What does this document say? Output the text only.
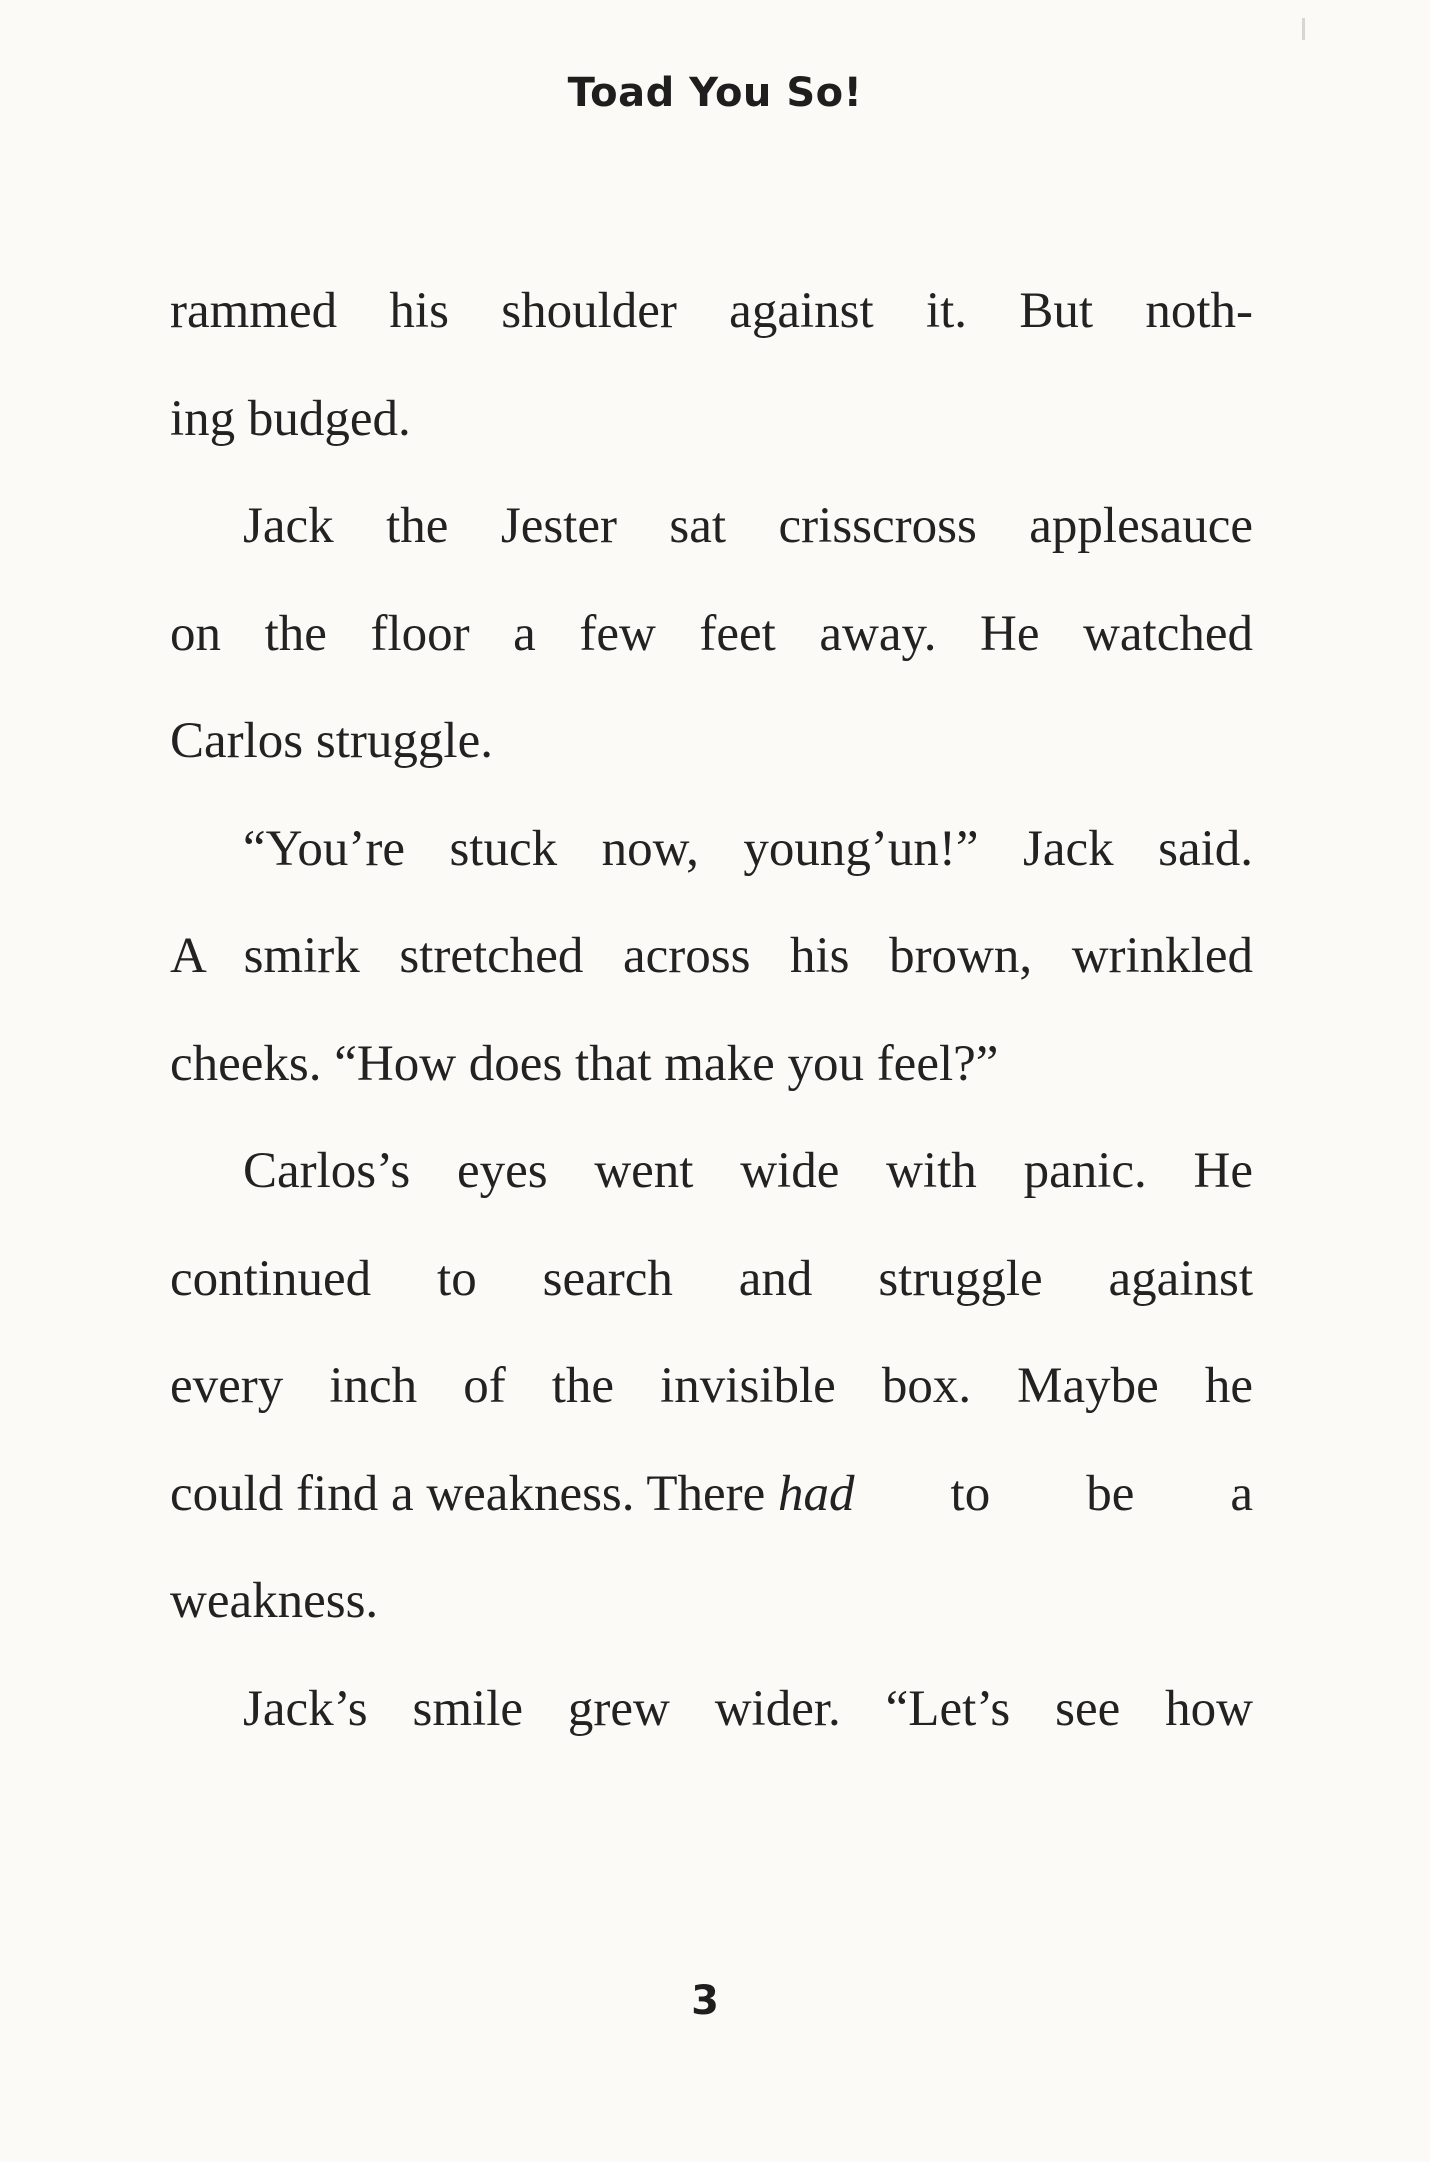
Toad You So!
rammed his shoulder against it. But noth-
ing budged.
Jack the Jester sat crisscross applesauce
on the floor a few feet away. He watched
Carlos struggle.
“You’re stuck now, young’un!” Jack said.
A smirk stretched across his brown, wrinkled
cheeks. “How does that make you feel?”
Carlos’s eyes went wide with panic. He
continued to search and struggle against
every inch of the invisible box. Maybe he
could find a weakness. There had to be a
weakness.
Jack’s smile grew wider. “Let’s see how
3
